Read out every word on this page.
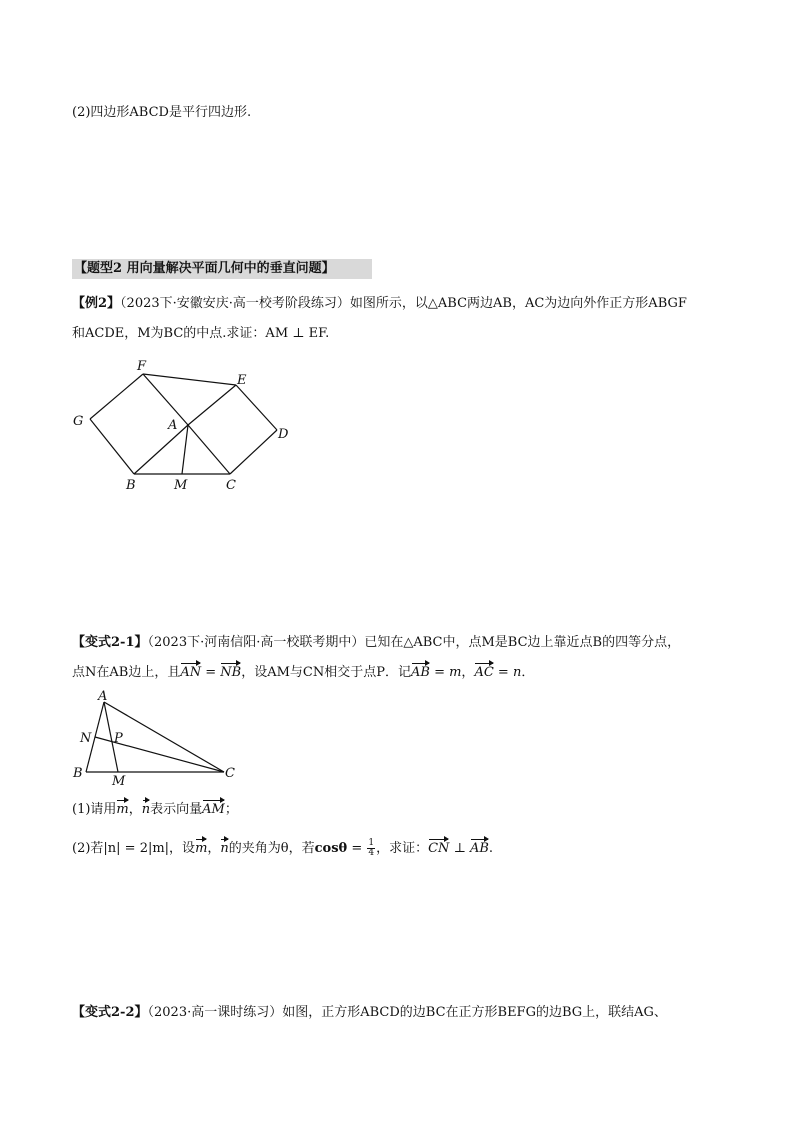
(2)四边形ABCD是平行四边形.
【题型2 用向量解决平面几何中的垂直问题】
【例2】（2023下·安徽安庆·高一校考阶段练习）如图所示，以△ABC两边AB，AC为边向外作正方形ABGF
和ACDE，M为BC的中点.求证：AM ⊥ EF.
F
E
G	A
D
B	M	C
【变式2-1】（2023下·河南信阳·高一校联考期中）已知在△ABC中，点M是BC边上靠近点B的四等分点，
点N在AB边上，且AN = NB，设AM与CN相交于点P．记AB = m，AC = n．
A
N P
B
M
C
(1)请用m，n表示向量AM；
(2)若|n| = 2|m|，设m，n的夹角为θ，若$\cos\theta = \frac{1}{4}$ ，求证：CN ⊥ AB.
【变式2-2】（2023·高一课时练习）如图，正方形ABCD的边BC在正方形BEFG的边BG上，联结AG、
